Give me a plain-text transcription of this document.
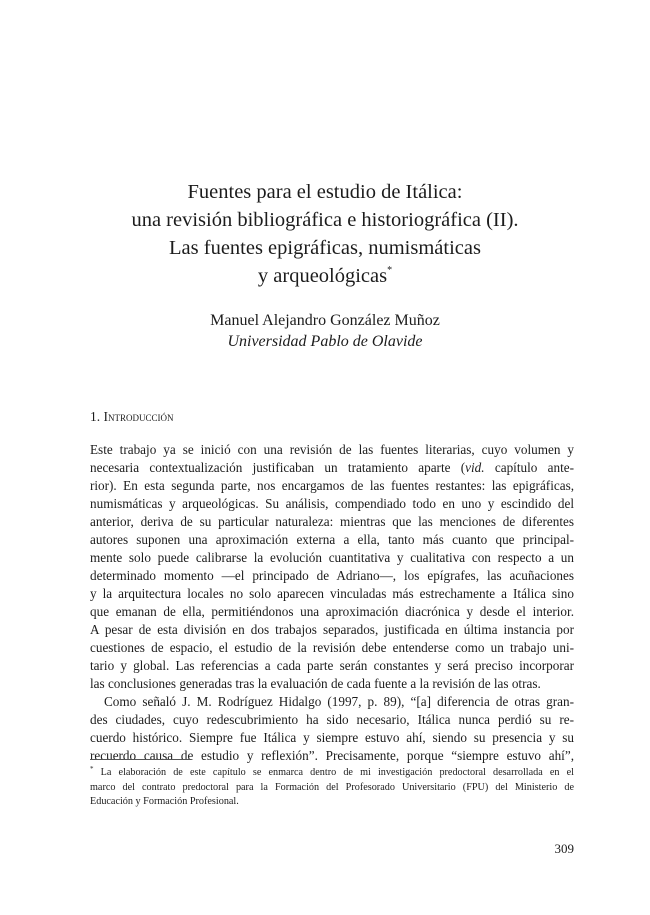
Fuentes para el estudio de Itálica:
una revisión bibliográfica e historiográfica (II).
Las fuentes epigráficas, numismáticas
y arqueológicas*
Manuel Alejandro González Muñoz
Universidad Pablo de Olavide
1. Introducción
Este trabajo ya se inició con una revisión de las fuentes literarias, cuyo volumen y
necesaria contextualización justificaban un tratamiento aparte (vid. capítulo ante-
rior). En esta segunda parte, nos encargamos de las fuentes restantes: las epigráficas,
numismáticas y arqueológicas. Su análisis, compendiado todo en uno y escindido del
anterior, deriva de su particular naturaleza: mientras que las menciones de diferentes
autores suponen una aproximación externa a ella, tanto más cuanto que principal-
mente solo puede calibrarse la evolución cuantitativa y cualitativa con respecto a un
determinado momento —el principado de Adriano—, los epígrafes, las acuñaciones
y la arquitectura locales no solo aparecen vinculadas más estrechamente a Itálica sino
que emanan de ella, permitiéndonos una aproximación diacrónica y desde el interior.
A pesar de esta división en dos trabajos separados, justificada en última instancia por
cuestiones de espacio, el estudio de la revisión debe entenderse como un trabajo uni-
tario y global. Las referencias a cada parte serán constantes y será preciso incorporar
las conclusiones generadas tras la evaluación de cada fuente a la revisión de las otras.
Como señaló J. M. Rodríguez Hidalgo (1997, p. 89), “[a] diferencia de otras gran-
des ciudades, cuyo redescubrimiento ha sido necesario, Itálica nunca perdió su re-
cuerdo histórico. Siempre fue Itálica y siempre estuvo ahí, siendo su presencia y su
recuerdo causa de estudio y reflexión”. Precisamente, porque “siempre estuvo ahí”,
* La elaboración de este capítulo se enmarca dentro de mi investigación predoctoral desarrollada en el
marco del contrato predoctoral para la Formación del Profesorado Universitario (FPU) del Ministerio de
Educación y Formación Profesional.
309
